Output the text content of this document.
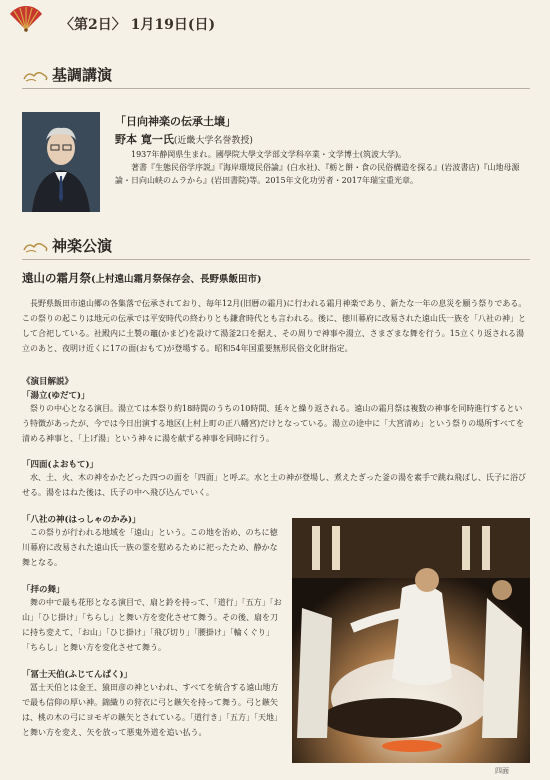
〈第2日〉 1月19日(日)
基調講演
「日向神楽の伝承土壌」
野本 寛一氏(近畿大学名誉教授)
1937年静岡県生まれ。國學院大學文学部文学科卒業・文学博士(筑波大学)。
著書『生態民俗学序説』『海岸環境民俗論』(白水社)、『栃と餅・食の民俗構造を探る』(岩波書店)『山地母源論・日向山峡のムラから』(岩田書院)等。2015年文化功労者・2017年瑞宝重光章。
神楽公演
遠山の霜月祭(上村遠山霜月祭保存会、長野県飯田市)
長野県飯田市遠山郷の各集落で伝承されており、毎年12月(旧暦の霜月)に行われる霜月神楽であり、新たな一年の息災を願う祭りである。この祭りの起こりは地元の伝承では平安時代の終わりとも鎌倉時代とも言われる。後に、徳川幕府に改易された遠山氏一族を「八社の神」として合祀している。社殿内に土製の竈(かまど)を設けて湯釜2口を据え、その周りで神事や湯立、さまざまな舞を行う。15立くり返される湯立のあと、夜明け近くに17の面(おもて)が登場する。昭和54年国重要無形民俗文化財指定。
《演目解説》
「湯立(ゆだて)」
祭りの中心となる演目。湯立ては本祭り約18時間のうちの10時間、延々と繰り返される。遠山の霜月祭は複数の神事を同時進行するという特徴があったが、今では今日出演する地区(上村上町の正八幡宮)だけとなっている。湯立の途中に「大宮清め」という祭りの場所すべてを清める神事と、「上げ湯」という神々に湯を献ずる神事を同時に行う。
「四面(よおもて)」
水、土、火、木の神をかたどった四つの面を「四面」と呼ぶ。水と土の神が登場し、煮えたぎった釜の湯を素手で跳ね飛ばし、氏子に浴びせる。湯をはねた後は、氏子の中へ飛び込んでいく。
「八社の神(はっしゃのかみ)」
この祭りが行われる地域を「遠山」という。この地を治め、のちに徳川幕府に改易された遠山氏一族の霊を慰めるために祀ったため、静かな舞となる。
「拝の舞」
舞の中で最も花形となる演目で、扇と鈴を持って、「道行」「五方」「お山」「ひじ掛け」「ちらし」と舞い方を変化させて舞う。その後、扇を刀に持ち変えて、「お山」「ひじ掛け」「飛び切り」「腰掛け」「輪くぐり」「ちらし」と舞い方を変化させて舞う。
「冨士天伯(ふじてんぱく)」
冨士天伯とは金王、猿田彦の神といわれ、すべてを統合する遠山地方で最も信仰の厚い神。錦織りの狩衣に弓と鏃矢を持って舞う。弓と鏃矢は、桃の木の弓にヨモギの鏃矢とされている。「道行き」「五方」「天地」と舞い方を変え、矢を放って悪鬼外道を追い払う。
四面
